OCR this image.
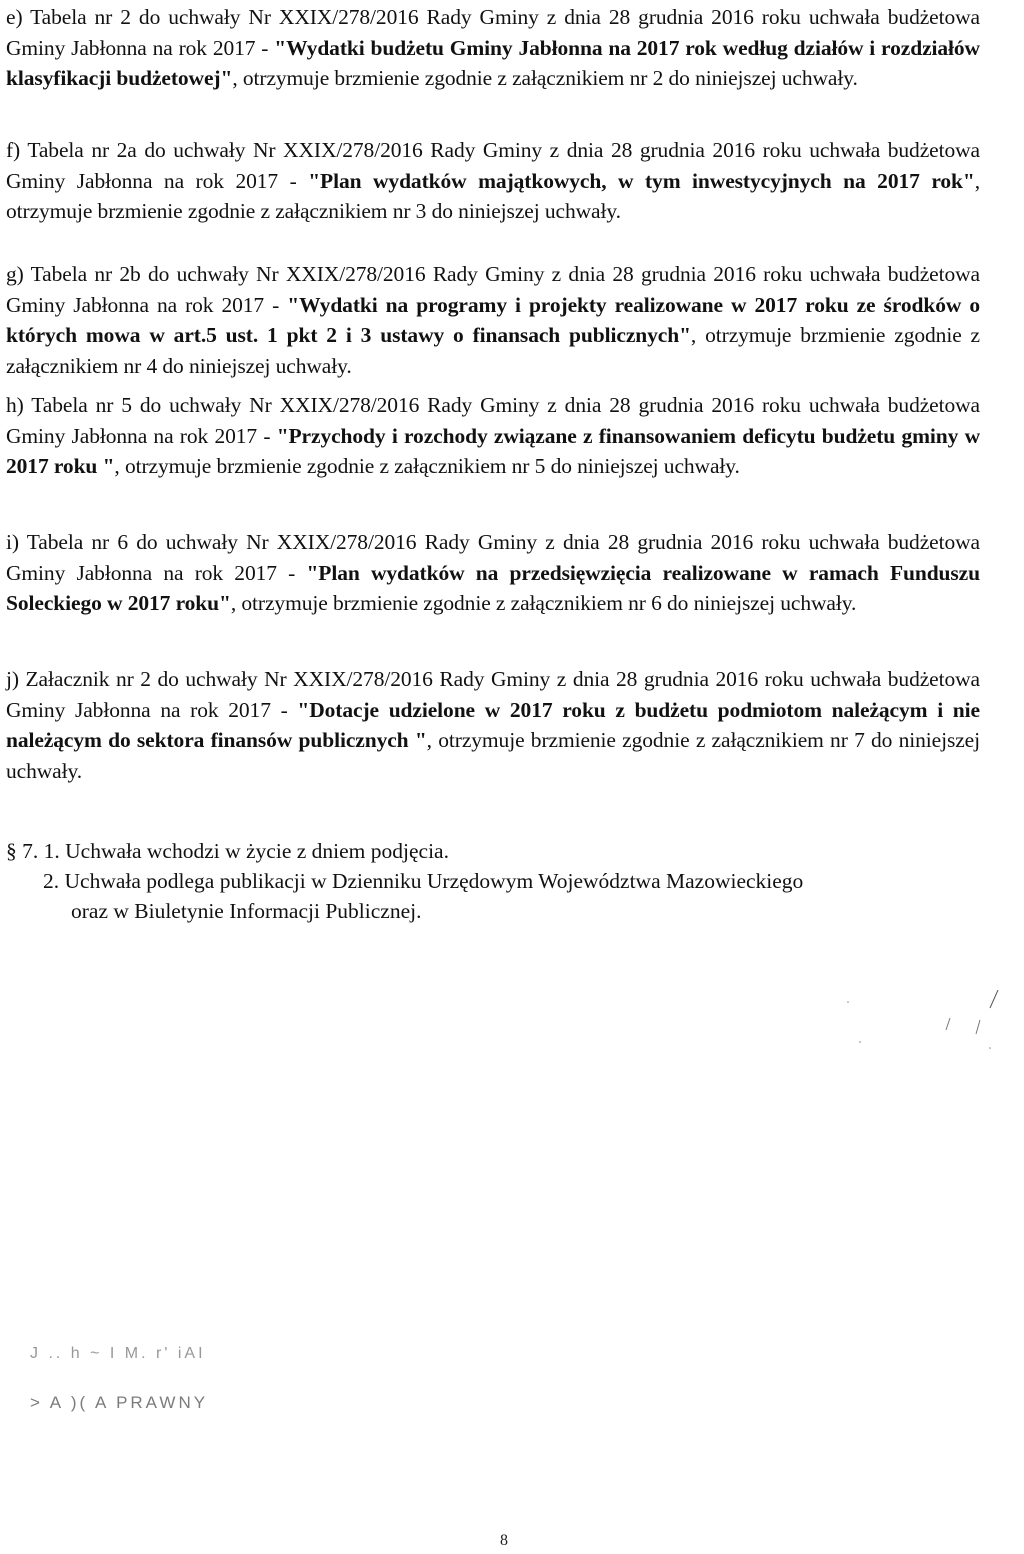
e) Tabela nr 2 do uchwały Nr XXIX/278/2016 Rady Gminy z dnia 28 grudnia 2016 roku uchwała budżetowa Gminy Jabłonna na rok 2017 - "Wydatki budżetu Gminy Jabłonna na 2017 rok według działów i rozdziałów klasyfikacji budżetowej", otrzymuje brzmienie zgodnie z załącznikiem nr 2 do niniejszej uchwały.

f) Tabela nr 2a do uchwały Nr XXIX/278/2016 Rady Gminy z dnia 28 grudnia 2016 roku uchwała budżetowa Gminy Jabłonna na rok 2017 - "Plan wydatków majątkowych, w tym inwestycyjnych na 2017 rok", otrzymuje brzmienie zgodnie z załącznikiem nr 3 do niniejszej uchwały.

g) Tabela nr 2b do uchwały Nr XXIX/278/2016 Rady Gminy z dnia 28 grudnia 2016 roku uchwała budżetowa Gminy Jabłonna na rok 2017 - "Wydatki na programy i projekty realizowane w 2017 roku ze środków o których mowa w art.5 ust. 1 pkt 2 i 3 ustawy o finansach publicznych", otrzymuje brzmienie zgodnie z załącznikiem nr 4 do niniejszej uchwały.

h) Tabela nr 5 do uchwały Nr XXIX/278/2016 Rady Gminy z dnia 28 grudnia 2016 roku uchwała budżetowa Gminy Jabłonna na rok 2017 - "Przychody i rozchody związane z finansowaniem deficytu budżetu gminy w 2017 roku ", otrzymuje brzmienie zgodnie z załącznikiem nr 5 do niniejszej uchwały.

i) Tabela nr 6 do uchwały Nr XXIX/278/2016 Rady Gminy z dnia 28 grudnia 2016 roku uchwała budżetowa Gminy Jabłonna na rok 2017 - "Plan wydatków na przedsięwzięcia realizowane w ramach Funduszu Soleckiego w 2017 roku", otrzymuje brzmienie zgodnie z załącznikiem nr 6 do niniejszej uchwały.

j) Załacznik nr 2 do uchwały Nr XXIX/278/2016 Rady Gminy z dnia 28 grudnia 2016 roku uchwała budżetowa Gminy Jabłonna na rok 2017 - "Dotacje udzielone w 2017 roku z budżetu podmiotom należącym i nie należącym do sektora finansów publicznych ", otrzymuje brzmienie zgodnie z załącznikiem nr 7 do niniejszej uchwały.

§ 7. 1. Uchwała wchodzi w życie z dniem podjęcia.

2. Uchwała podlega publikacji w Dzienniku Urzędowym Województwa Mazowieckiego
oraz w Biuletynie Informacji Publicznej.

J .. h ~ I M. r' iAI
> A )( A PRAWNY
8
